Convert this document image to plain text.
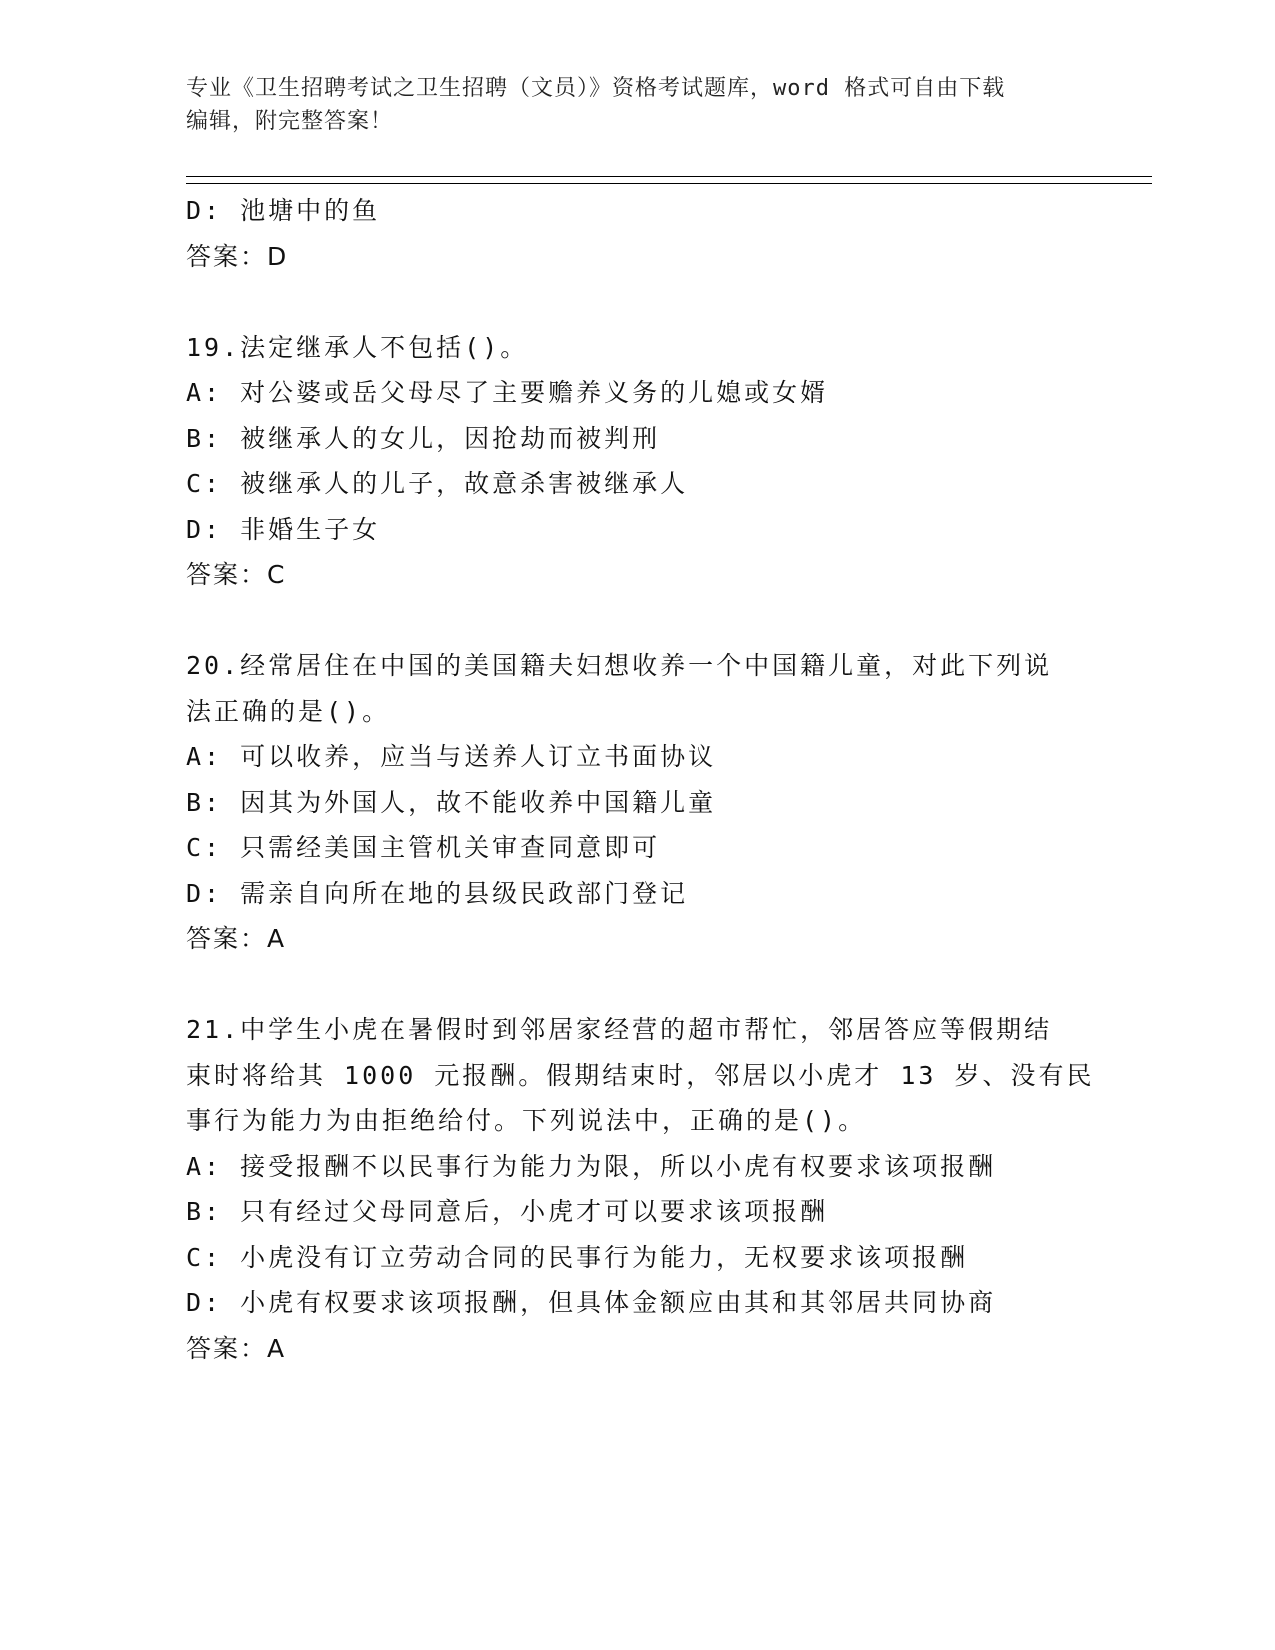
专业《卫生招聘考试之卫生招聘（文员）》资格考试题库，word 格式可自由下载
编辑，附完整答案！
D: 池塘中的鱼
答案：D
19.法定继承人不包括()。
A: 对公婆或岳父母尽了主要赡养义务的儿媳或女婿
B: 被继承人的女儿，因抢劫而被判刑
C: 被继承人的儿子，故意杀害被继承人
D: 非婚生子女
答案：C
20.经常居住在中国的美国籍夫妇想收养一个中国籍儿童，对此下列说
法正确的是()。
A: 可以收养，应当与送养人订立书面协议
B: 因其为外国人，故不能收养中国籍儿童
C: 只需经美国主管机关审查同意即可
D: 需亲自向所在地的县级民政部门登记
答案：A
21.中学生小虎在暑假时到邻居家经营的超市帮忙，邻居答应等假期结
束时将给其 1000 元报酬。假期结束时，邻居以小虎才 13 岁、没有民
事行为能力为由拒绝给付。下列说法中，正确的是()。
A: 接受报酬不以民事行为能力为限，所以小虎有权要求该项报酬
B: 只有经过父母同意后，小虎才可以要求该项报酬
C: 小虎没有订立劳动合同的民事行为能力，无权要求该项报酬
D: 小虎有权要求该项报酬，但具体金额应由其和其邻居共同协商
答案：A
